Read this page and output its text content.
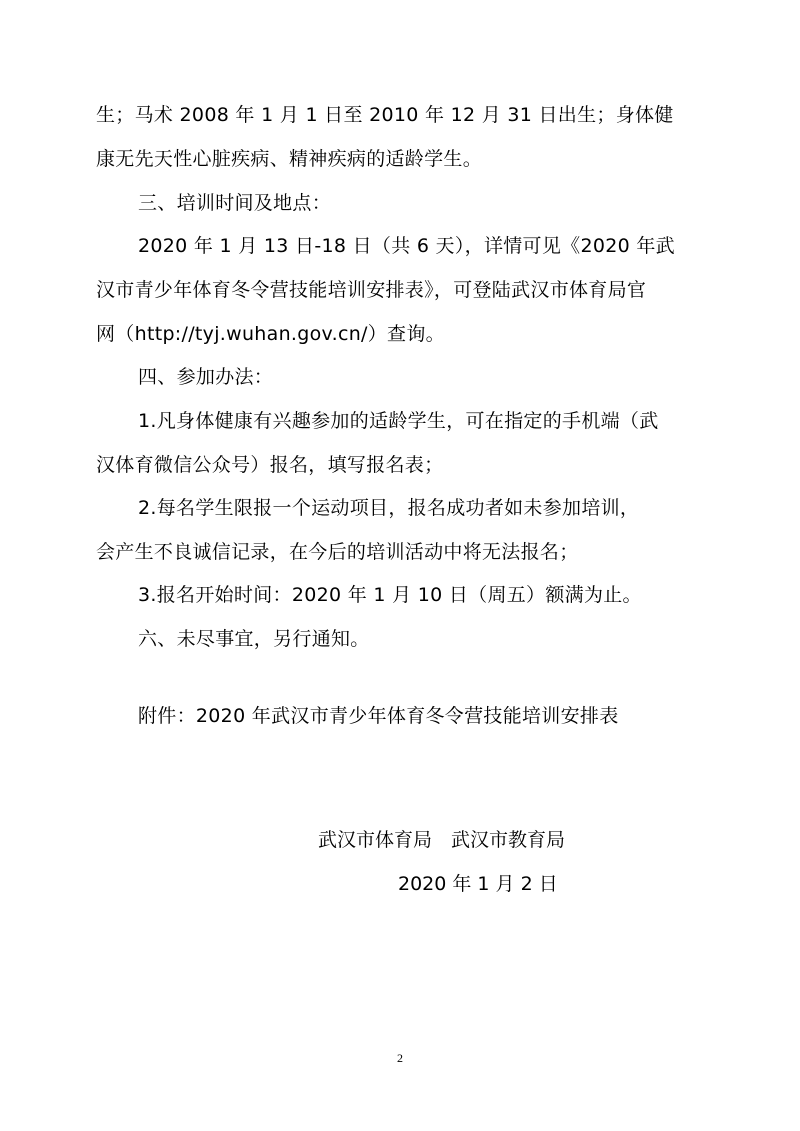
生；马术 2008 年 1 月 1 日至 2010 年 12 月 31 日出生；身体健
康无先天性心脏疾病、精神疾病的适龄学生。
三、培训时间及地点：
2020 年 1 月 13 日-18 日（共 6 天），详情可见《2020 年武
汉市青少年体育冬令营技能培训安排表》，可登陆武汉市体育局官
网（http://tyj.wuhan.gov.cn/）查询。
四、参加办法：
1.凡身体健康有兴趣参加的适龄学生，可在指定的手机端（武
汉体育微信公众号）报名，填写报名表；
2.每名学生限报一个运动项目，报名成功者如未参加培训，
会产生不良诚信记录，在今后的培训活动中将无法报名；
3.报名开始时间：2020 年 1 月 10 日（周五）额满为止。
六、未尽事宜，另行通知。
附件：2020 年武汉市青少年体育冬令营技能培训安排表
武汉市体育局　武汉市教育局
2020 年 1 月 2 日
2
